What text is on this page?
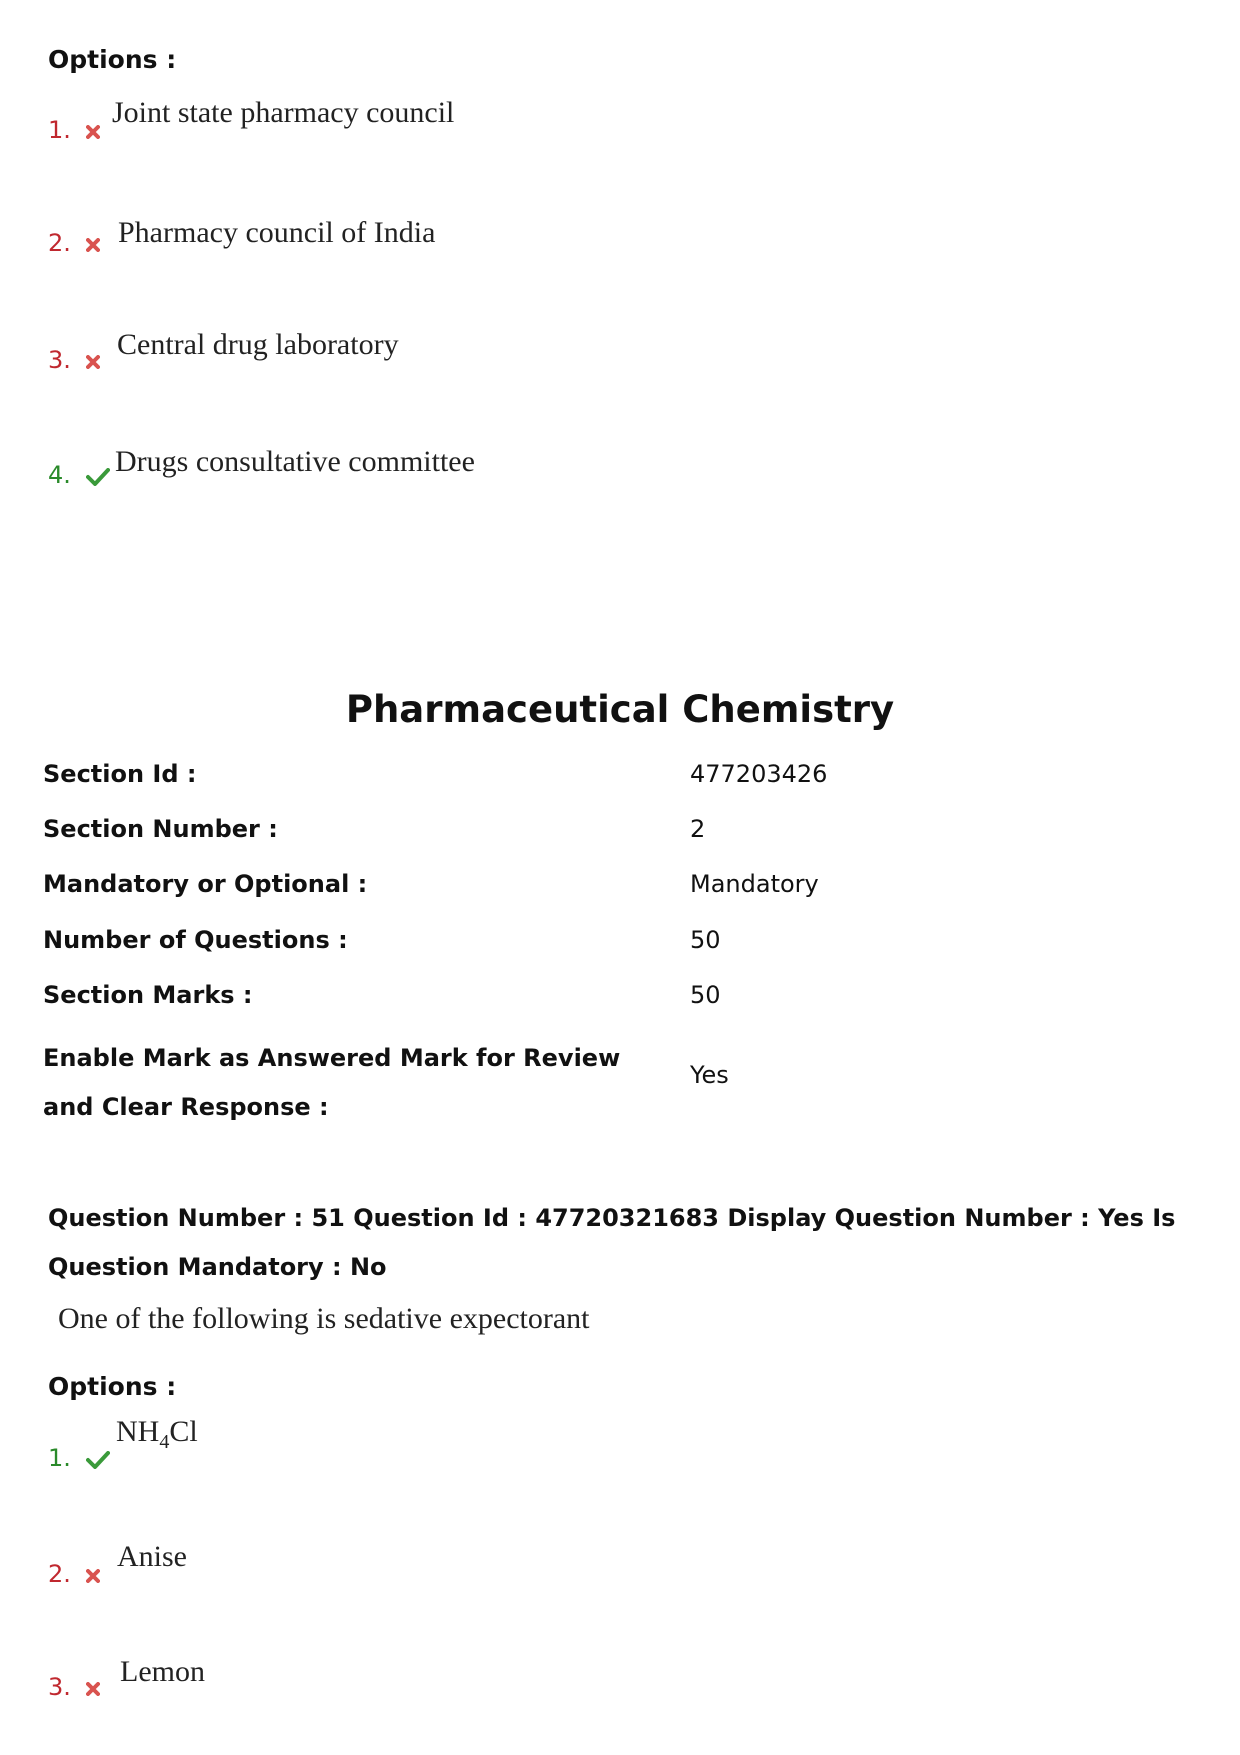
Options :
1.
Joint state pharmacy council
2.	Pharmacy council of India
3.	Central drug laboratory
4.	Drugs consultative committee
Pharmaceutical Chemistry
Section Id :	477203426
Section Number :	2
Mandatory or Optional :	Mandatory
Number of Questions :	50
Section Marks :	50
Enable Mark as Answered Mark for Review and Clear Response :
Yes
Question Number : 51 Question Id : 47720321683 Display Question Number : Yes Is Question Mandatory : No
One of the following is sedative expectorant
Options :
1.
$NH_4Cl$
2.
Anise
3.	Lemon
